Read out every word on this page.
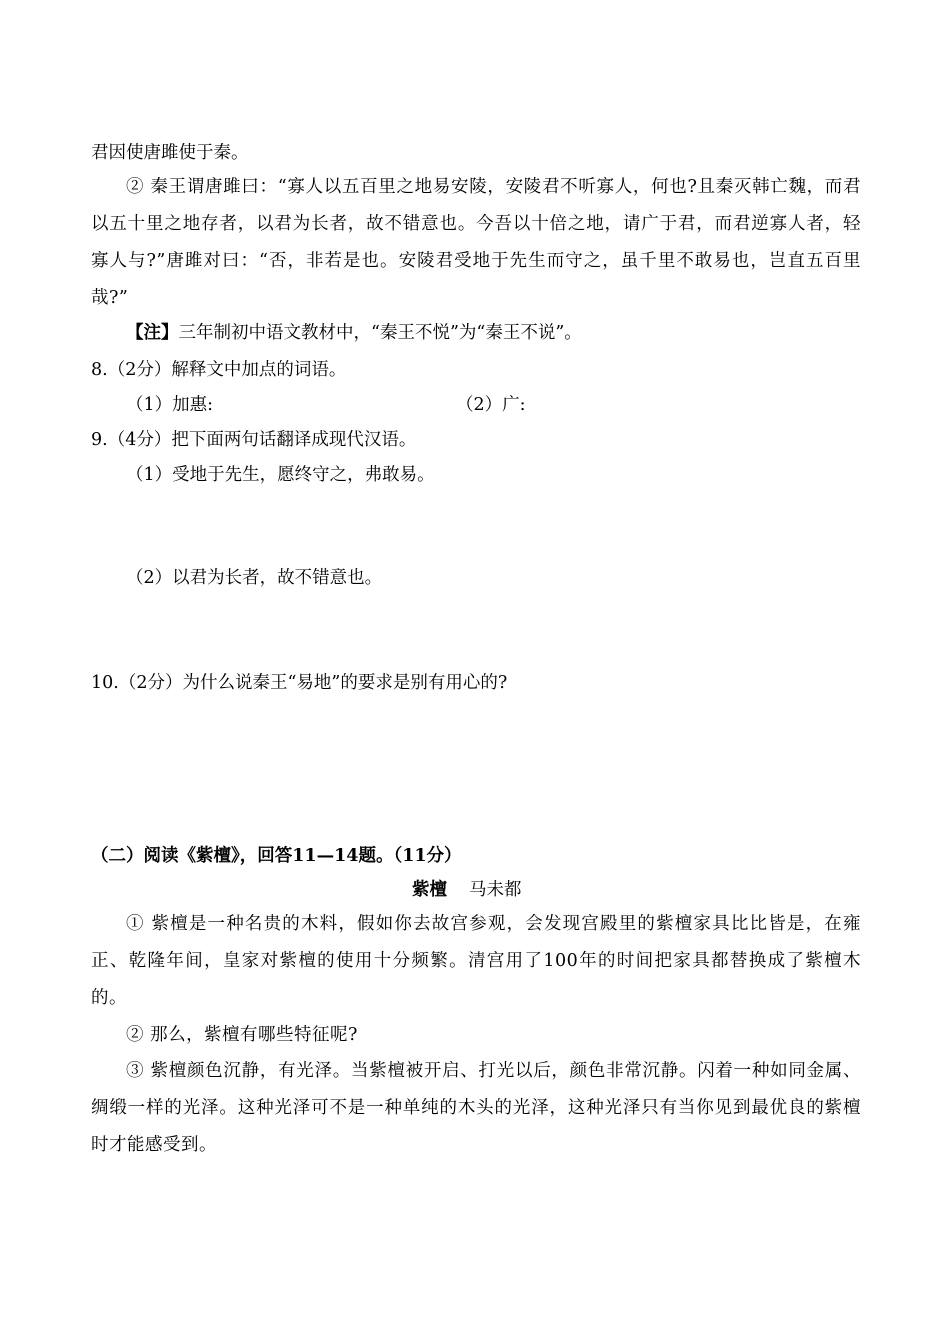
君因使唐雎使于秦。
② 秦王谓唐雎曰：“寡人以五百里之地易安陵，安陵君不听寡人，何也?且秦灭韩亡魏，而君以五十里之地存者，以君为长者，故不错意也。今吾以十倍之地，请广于君，而君逆寡人者，轻寡人与?”唐雎对曰：“否，非若是也。安陵君受地于先生而守之，虽千里不敢易也，岂直五百里哉?”
【注】三年制初中语文教材中，“秦王不悦”为“秦王不说”。
8.（2分）解释文中加点的词语。
（1）加惠:	（2）广:
9.（4分）把下面两句话翻译成现代汉语。
（1）受地于先生，愿终守之，弗敢易。
（2）以君为长者，故不错意也。
10.（2分）为什么说秦王“易地”的要求是别有用心的?
（二）阅读《紫檀》，回答11—14题。（11分）
紫檀 马未都
① 紫檀是一种名贵的木料，假如你去故宫参观，会发现宫殿里的紫檀家具比比皆是，在雍正、乾隆年间，皇家对紫檀的使用十分频繁。清宫用了100年的时间把家具都替换成了紫檀木的。
② 那么，紫檀有哪些特征呢?
③ 紫檀颜色沉静，有光泽。当紫檀被开启、打光以后，颜色非常沉静。闪着一种如同金属、绸缎一样的光泽。这种光泽可不是一种单纯的木头的光泽，这种光泽只有当你见到最优良的紫檀时才能感受到。
